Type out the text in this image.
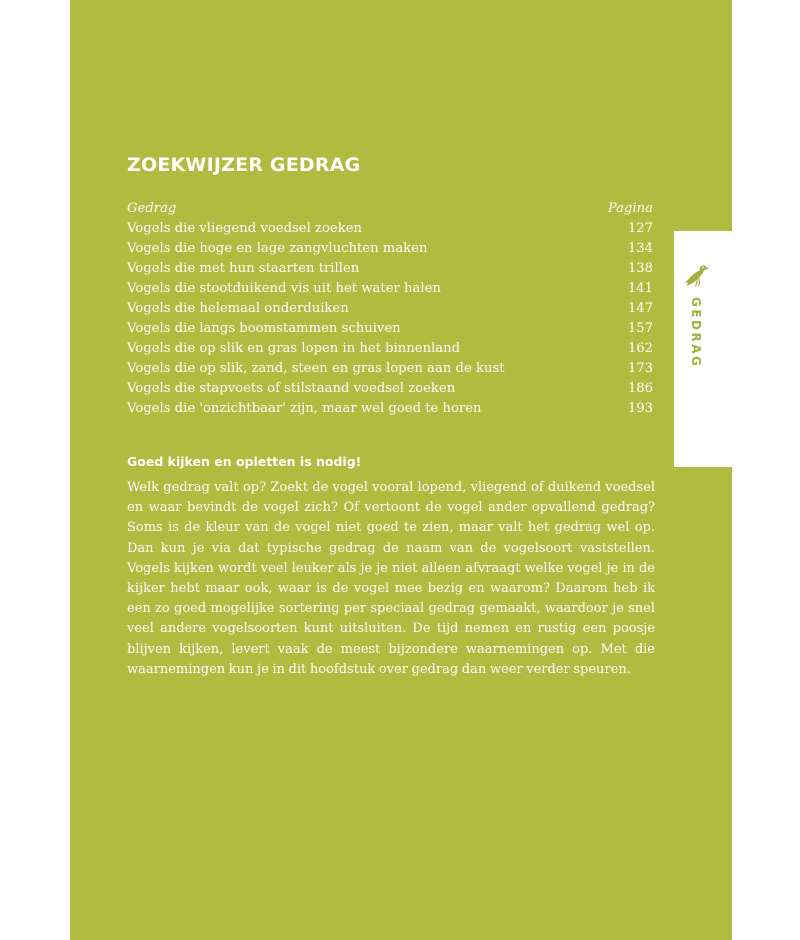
ZOEKWIJZER GEDRAG
Gedrag	Pagina
Vogels die vliegend voedsel zoeken	127
Vogels die hoge en lage zangvluchten maken	134
Vogels die met hun staarten trillen	138
Vogels die stootduikend vis uit het water halen	141
Vogels die helemaal onderduiken	147
Vogels die langs boomstammen schuiven	157
Vogels die op slik en gras lopen in het binnenland	162
Vogels die op slik, zand, steen en gras lopen aan de kust	173
Vogels die stapvoets of stilstaand voedsel zoeken	186
Vogels die 'onzichtbaar' zijn, maar wel goed te horen	193
Goed kijken en opletten is nodig!
Welk gedrag valt op? Zoekt de vogel vooral lopend, vliegend of duikend voedsel en waar bevindt de vogel zich? Of vertoont de vogel ander opvallend gedrag? Soms is de kleur van de vogel niet goed te zien, maar valt het gedrag wel op. Dan kun je via dat typische gedrag de naam van de vogelsoort vaststellen. Vogels kijken wordt veel leuker als je je niet alleen afvraagt welke vogel je in de kijker hebt maar ook, waar is de vogel mee bezig en waarom? Daarom heb ik een zo goed mogelijke sortering per speciaal gedrag gemaakt, waardoor je snel veel andere vogelsoorten kunt uitsluiten. De tijd nemen en rustig een poosje blijven kijken, levert vaak de meest bijzondere waarnemingen op. Met die waarnemingen kun je in dit hoofdstuk over gedrag dan weer verder speuren.
GEDRAG
